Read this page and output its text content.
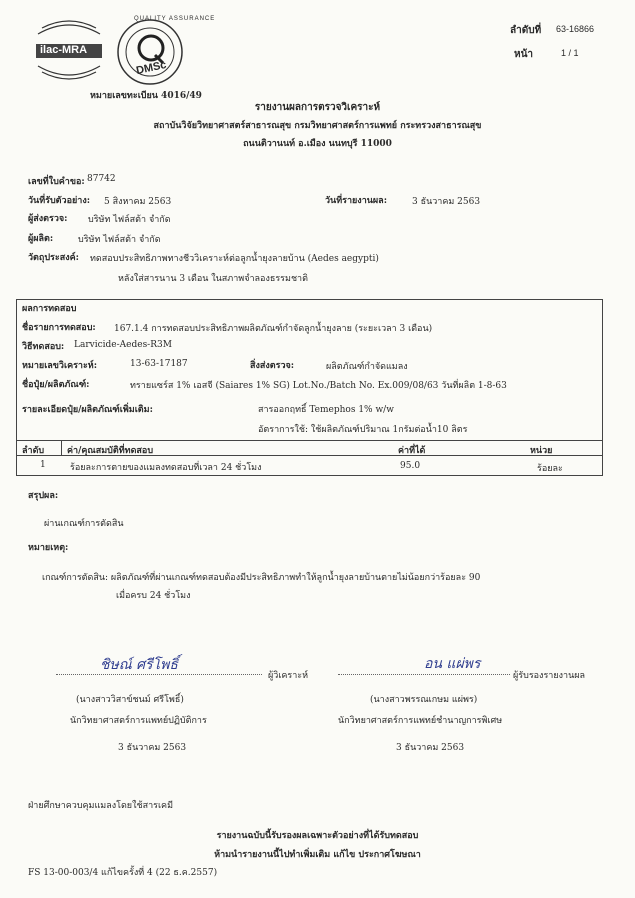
ilac-MRA
QUALITY ASSURANCE
DMSc
ลำดับที่ 63-16866
หน้า	1 / 1
หมายเลขทะเบียน 4016/49
รายงานผลการตรวจวิเคราะห์
สถาบันวิจัยวิทยาศาสตร์สาธารณสุข กรมวิทยาศาสตร์การแพทย์ กระทรวงสาธารณสุข
ถนนติวานนท์ อ.เมือง นนทบุรี 11000
เลขที่ใบคำขอ: 87742
วันที่รับตัวอย่าง: 5 สิงหาคม 2563	วันที่รายงานผล:	3 ธันวาคม 2563
ผู้ส่งตรวจ: บริษัท ไฟล์สต้า จำกัด
ผู้ผลิต:	บริษัท ไฟล์สต้า จำกัด
วัตถุประสงค์: ทดสอบประสิทธิภาพทางชีววิเคราะห์ต่อลูกน้ำยุงลายบ้าน (Aedes aegypti)
หลังใส่สารนาน 3 เดือน ในสภาพจำลองธรรมชาติ
ผลการทดสอบ
ชื่อรายการทดสอบ: 167.1.4 การทดสอบประสิทธิภาพผลิตภัณฑ์กำจัดลูกน้ำยุงลาย (ระยะเวลา 3 เดือน)
วิธีทดสอบ: Larvicide-Aedes-R3M
หมายเลขวิเคราะห์:	13-63-17187	สิ่งส่งตรวจ:	ผลิตภัณฑ์กำจัดแมลง
ชื่อปุ๋ย/ผลิตภัณฑ์:	ทรายแซร์ส 1% เอสจี (Saiares 1% SG) Lot.No./Batch No. Ex.009/08/63 วันที่ผลิต 1-8-63
รายละเอียดปุ๋ย/ผลิตภัณฑ์เพิ่มเติม:	สารออกฤทธิ์ Temephos 1% w/w
อัตราการใช้: ใช้ผลิตภัณฑ์ปริมาณ 1กรัมต่อน้ำ10 ลิตร
ลำดับ	ค่า/คุณสมบัติที่ทดสอบ	ค่าที่ได้	หน่วย
1	ร้อยละการตายของแมลงทดสอบที่เวลา 24 ชั่วโมง	95.0	ร้อยละ
สรุปผล:
ผ่านเกณฑ์การตัดสิน
หมายเหตุ:
เกณฑ์การตัดสิน: ผลิตภัณฑ์ที่ผ่านเกณฑ์ทดสอบต้องมีประสิทธิภาพทำให้ลูกน้ำยุงลายบ้านตายไม่น้อยกว่าร้อยละ 90
เมื่อครบ 24 ชั่วโมง
ชิษณ์ ศรีโพธิ์
ผู้วิเคราะห์
(นางสาววิสาข์ชนม์ ศรีโพธิ์)
นักวิทยาศาสตร์การแพทย์ปฏิบัติการ
3 ธันวาคม 2563
อน แผ่พร
ผู้รับรองรายงานผล
(นางสาวพรรณเกษม แผ่พร)
นักวิทยาศาสตร์การแพทย์ชำนาญการพิเศษ
3 ธันวาคม 2563
ฝ่ายศึกษาควบคุมแมลงโดยใช้สารเคมี
รายงานฉบับนี้รับรองผลเฉพาะตัวอย่างที่ได้รับทดสอบ
ห้ามนำรายงานนี้ไปทำเพิ่มเติม แก้ไข ประกาศโฆษณา
FS 13-00-003/4 แก้ไขครั้งที่ 4 (22 ธ.ค.2557)
